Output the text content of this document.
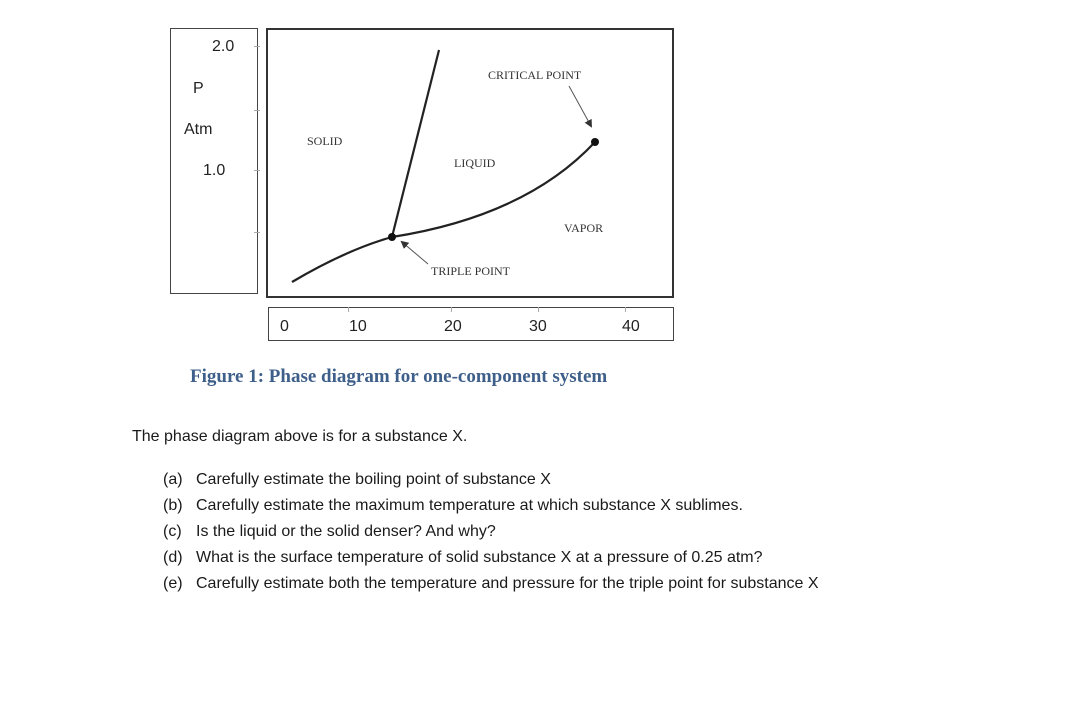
2.0
P
Atm
1.0
CRITICAL POINT
SOLID
LIQUID
VAPOR
TRIPLE POINT
0	10	20	30	40
Figure 1: Phase diagram for one-component system
The phase diagram above is for a substance X.
(a) Carefully estimate the boiling point of substance X
(b) Carefully estimate the maximum temperature at which substance X sublimes.
(c) Is the liquid or the solid denser? And why?
(d) What is the surface temperature of solid substance X at a pressure of 0.25 atm?
(e) Carefully estimate both the temperature and pressure for the triple point for substance X
